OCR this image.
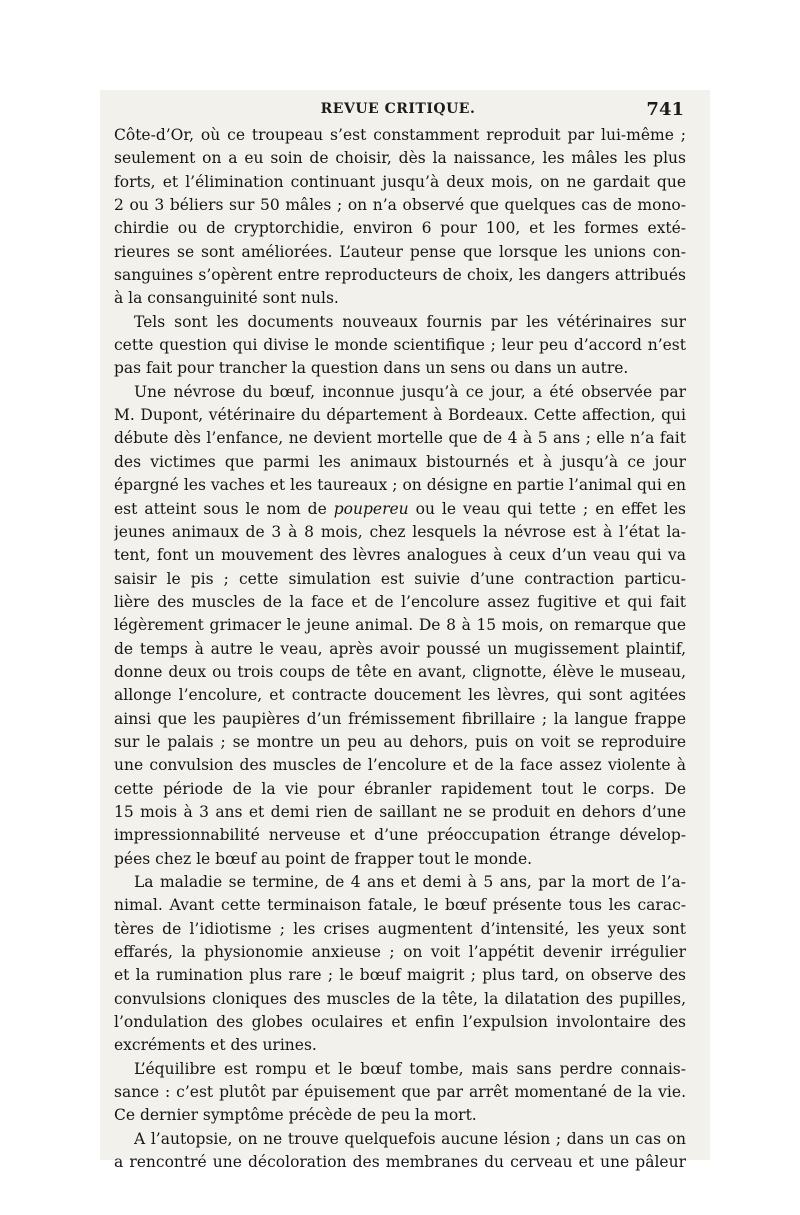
REVUE CRITIQUE.	741

Côte-d’Or, où ce troupeau s’est constamment reproduit par lui-même ;
seulement on a eu soin de choisir, dès la naissance, les mâles les plus
forts, et l’élimination continuant jusqu’à deux mois, on ne gardait que
2 ou 3 béliers sur 50 mâles ; on n’a observé que quelques cas de mono-
chirdie ou de cryptorchidie, environ 6 pour 100, et les formes exté-
rieures se sont améliorées. L’auteur pense que lorsque les unions con-
sanguines s’opèrent entre reproducteurs de choix, les dangers attribués
à la consanguinité sont nuls.

Tels sont les documents nouveaux fournis par les vétérinaires sur
cette question qui divise le monde scientifique ; leur peu d’accord n’est
pas fait pour trancher la question dans un sens ou dans un autre.

Une névrose du bœuf, inconnue jusqu’à ce jour, a été observée par
M. Dupont, vétérinaire du département à Bordeaux. Cette affection, qui
débute dès l’enfance, ne devient mortelle que de 4 à 5 ans ; elle n’a fait
des victimes que parmi les animaux bistournés et à jusqu’à ce jour
épargné les vaches et les taureaux ; on désigne en partie l’animal qui en
est atteint sous le nom de poupereu ou le veau qui tette ; en effet les
jeunes animaux de 3 à 8 mois, chez lesquels la névrose est à l’état la-
tent, font un mouvement des lèvres analogues à ceux d’un veau qui va
saisir le pis ; cette simulation est suivie d’une contraction particu-
lière des muscles de la face et de l’encolure assez fugitive et qui fait
légèrement grimacer le jeune animal. De 8 à 15 mois, on remarque que
de temps à autre le veau, après avoir poussé un mugissement plaintif,
donne deux ou trois coups de tête en avant, clignotte, élève le museau,
allonge l’encolure, et contracte doucement les lèvres, qui sont agitées
ainsi que les paupières d’un frémissement fibrillaire ; la langue frappe
sur le palais ; se montre un peu au dehors, puis on voit se reproduire
une convulsion des muscles de l’encolure et de la face assez violente à
cette période de la vie pour ébranler rapidement tout le corps. De
15 mois à 3 ans et demi rien de saillant ne se produit en dehors d’une
impressionnabilité nerveuse et d’une préoccupation étrange dévelop-
pées chez le bœuf au point de frapper tout le monde.

La maladie se termine, de 4 ans et demi à 5 ans, par la mort de l’a-
nimal. Avant cette terminaison fatale, le bœuf présente tous les carac-
tères de l’idiotisme ; les crises augmentent d’intensité, les yeux sont
effarés, la physionomie anxieuse ; on voit l’appétit devenir irrégulier
et la rumination plus rare ; le bœuf maigrit ; plus tard, on observe des
convulsions cloniques des muscles de la tête, la dilatation des pupilles,
l’ondulation des globes oculaires et enfin l’expulsion involontaire des
excréments et des urines.

L’équilibre est rompu et le bœuf tombe, mais sans perdre connais-
sance : c’est plutôt par épuisement que par arrêt momentané de la vie.
Ce dernier symptôme précède de peu la mort.

A l’autopsie, on ne trouve quelquefois aucune lésion ; dans un cas on
a rencontré une décoloration des membranes du cerveau et une pâleur
